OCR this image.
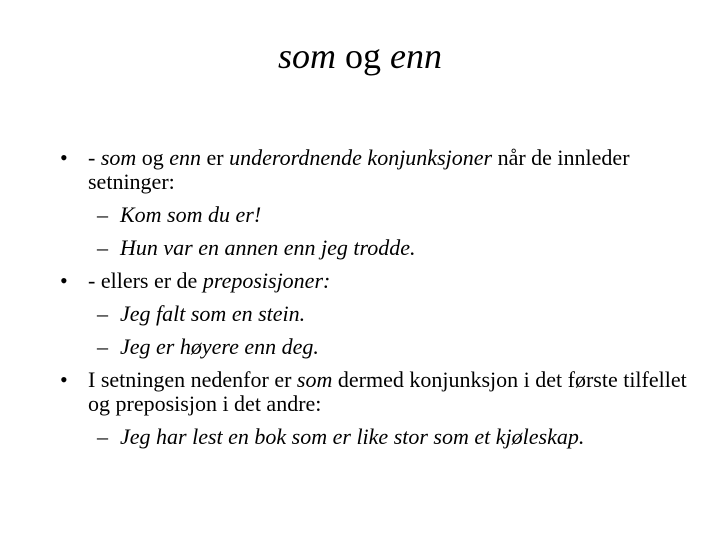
som og enn
• - som og enn er underordnende konjunksjoner når de innleder setninger:
– Kom som du er!
– Hun var en annen enn jeg trodde.
• - ellers er de preposisjoner:
– Jeg falt som en stein.
– Jeg er høyere enn deg.
• I setningen nedenfor er som dermed konjunksjon i det første tilfellet og preposisjon i det andre:
– Jeg har lest en bok som er like stor som et kjøleskap.
